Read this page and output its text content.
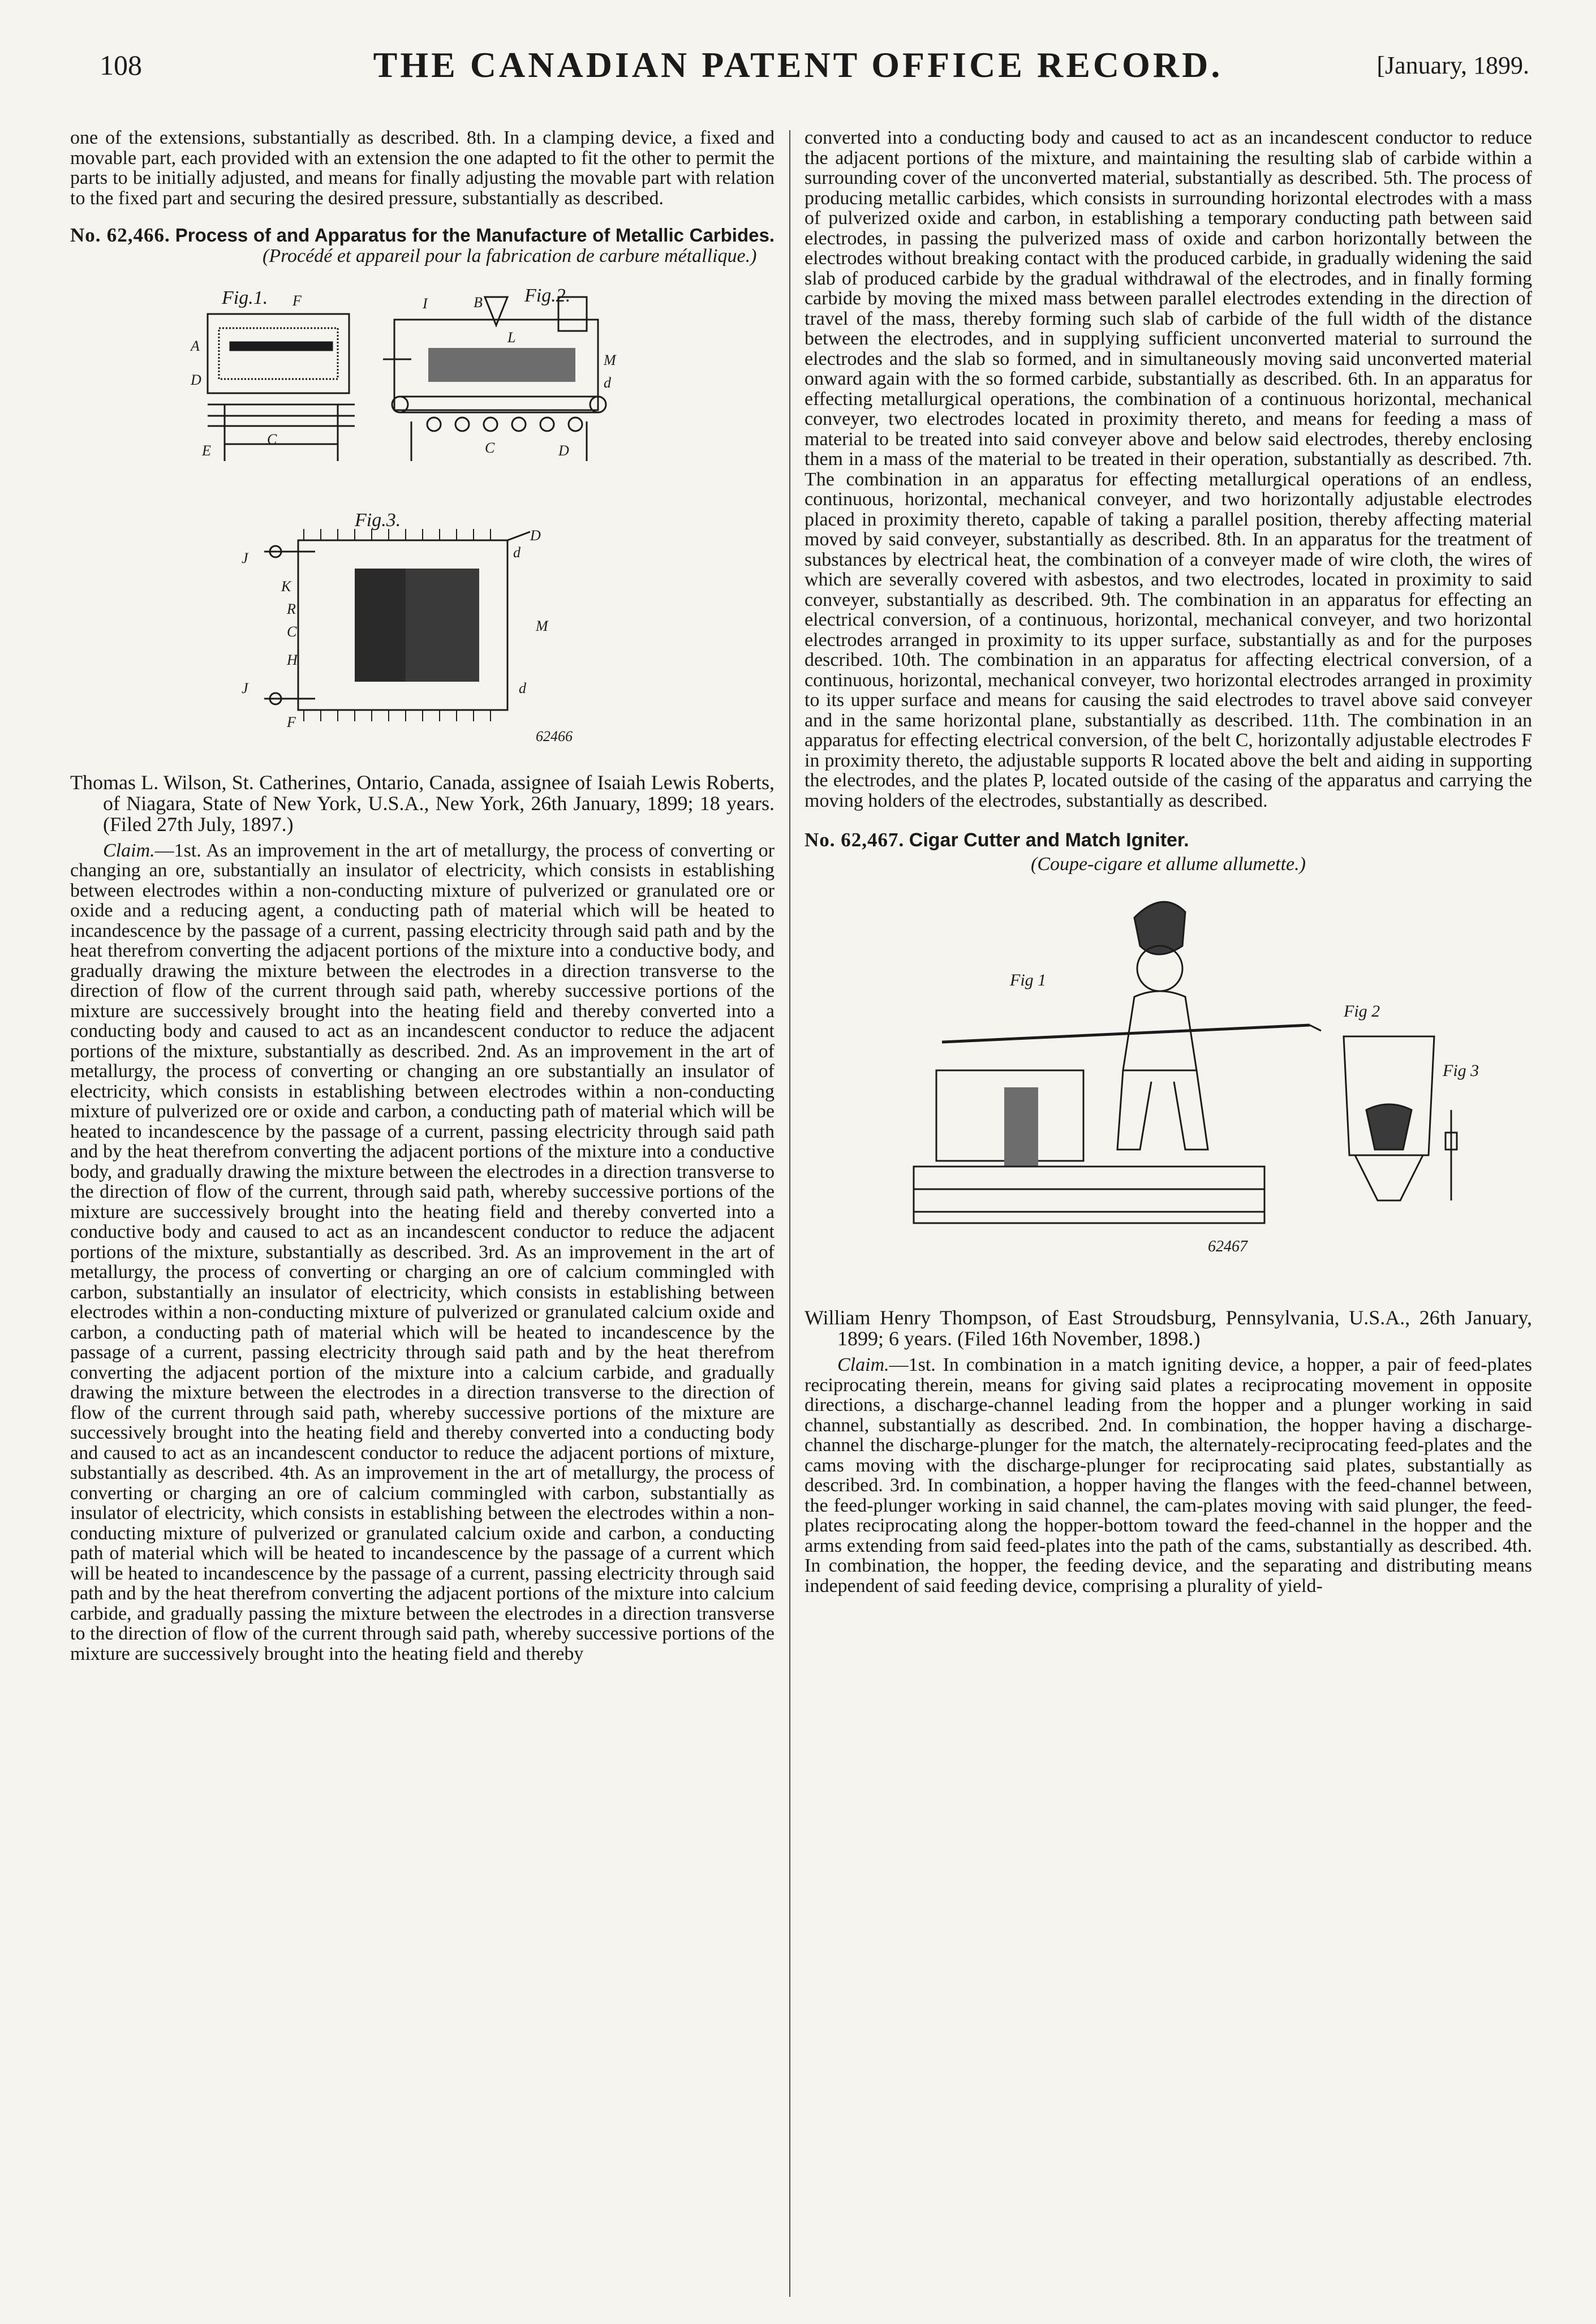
108	THE CANADIAN PATENT OFFICE RECORD.	[January, 1899.

one of the extensions, substantially as described. 8th. In a clamping device, a fixed and movable part, each provided with an extension the one adapted to fit the other to permit the parts to be initially adjusted, and means for finally adjusting the movable part with relation to the fixed part and securing the desired pressure, substantially as described.

No. 62,466. Process of and Apparatus for the Manufacture of Metallic Carbides. (Procédé et appareil pour la fabrication de carbure métallique.)

Fig.1.	Fig.2.
Fig.3.
F
A
D
E
C
B
I
L
M
d
C	D
D
d
M
d
J
J
K
R
C
H
F
62466

Thomas L. Wilson, St. Catherines, Ontario, Canada, assignee of Isaiah Lewis Roberts, of Niagara, State of New York, U.S.A., New York, 26th January, 1899; 18 years. (Filed 27th July, 1897.)

Claim.—1st. As an improvement in the art of metallurgy, the process of converting or changing an ore, substantially an insulator of electricity, which consists in establishing between electrodes within a non-conducting mixture of pulverized or granulated ore or oxide and a reducing agent, a conducting path of material which will be heated to incandescence by the passage of a current, passing electricity through said path and by the heat therefrom converting the adjacent portions of the mixture into a conductive body, and gradually drawing the mixture between the electrodes in a direction transverse to the direction of flow of the current through said path, whereby successive portions of the mixture are successively brought into the heating field and thereby converted into a conducting body and caused to act as an incandescent conductor to reduce the adjacent portions of the mixture, substantially as described. 2nd. As an improvement in the art of metallurgy, the process of converting or changing an ore substantially an insulator of electricity, which consists in establishing between electrodes within a non-conducting mixture of pulverized ore or oxide and carbon, a conducting path of material which will be heated to incandescence by the passage of a current, passing electricity through said path and by the heat therefrom converting the adjacent portions of the mixture into a conductive body, and gradually drawing the mixture between the electrodes in a direction transverse to the direction of flow of the current, through said path, whereby successive portions of the mixture are successively brought into the heating field and thereby converted into a conductive body and caused to act as an incandescent conductor to reduce the adjacent portions of the mixture, substantially as described. 3rd. As an improvement in the art of metallurgy, the process of converting or charging an ore of calcium commingled with carbon, substantially an insulator of electricity, which consists in establishing between electrodes within a non-conducting mixture of pulverized or granulated calcium oxide and carbon, a conducting path of material which will be heated to incandescence by the passage of a current, passing electricity through said path and by the heat therefrom converting the adjacent portion of the mixture into a calcium carbide, and gradually drawing the mixture between the electrodes in a direction transverse to the direction of flow of the current through said path, whereby successive portions of the mixture are successively brought into the heating field and thereby converted into a conducting body and caused to act as an incandescent conductor to reduce the adjacent portions of mixture, substantially as described. 4th. As an improvement in the art of metallurgy, the process of converting or charging an ore of calcium commingled with carbon, substantially as insulator of electricity, which consists in establishing between the electrodes within a non-conducting mixture of pulverized or granulated calcium oxide and carbon, a conducting path of material which will be heated to incandescence by the passage of a current which will be heated to incandescence by the passage of a current, passing electricity through said path and by the heat therefrom converting the adjacent portions of the mixture into calcium carbide, and gradually passing the mixture between the electrodes in a direction transverse to the direction of flow of the current through said path, whereby successive portions of the mixture are successively brought into the heating field and thereby

converted into a conducting body and caused to act as an incandescent conductor to reduce the adjacent portions of the mixture, and maintaining the resulting slab of carbide within a surrounding cover of the unconverted material, substantially as described. 5th. The process of producing metallic carbides, which consists in surrounding horizontal electrodes with a mass of pulverized oxide and carbon, in establishing a temporary conducting path between said electrodes, in passing the pulverized mass of oxide and carbon horizontally between the electrodes without breaking contact with the produced carbide, in gradually widening the said slab of produced carbide by the gradual withdrawal of the electrodes, and in finally forming carbide by moving the mixed mass between parallel electrodes extending in the direction of travel of the mass, thereby forming such slab of carbide of the full width of the distance between the electrodes, and in supplying sufficient unconverted material to surround the electrodes and the slab so formed, and in simultaneously moving said unconverted material onward again with the so formed carbide, substantially as described. 6th. In an apparatus for effecting metallurgical operations, the combination of a continuous horizontal, mechanical conveyer, two electrodes located in proximity thereto, and means for feeding a mass of material to be treated into said conveyer above and below said electrodes, thereby enclosing them in a mass of the material to be treated in their operation, substantially as described. 7th. The combination in an apparatus for effecting metallurgical operations of an endless, continuous, horizontal, mechanical conveyer, and two horizontally adjustable electrodes placed in proximity thereto, capable of taking a parallel position, thereby affecting material moved by said conveyer, substantially as described. 8th. In an apparatus for the treatment of substances by electrical heat, the combination of a conveyer made of wire cloth, the wires of which are severally covered with asbestos, and two electrodes, located in proximity to said conveyer, substantially as described. 9th. The combination in an apparatus for effecting an electrical conversion, of a continuous, horizontal, mechanical conveyer, and two horizontal electrodes arranged in proximity to its upper surface, substantially as and for the purposes described. 10th. The combination in an apparatus for affecting electrical conversion, of a continuous, horizontal, mechanical conveyer, two horizontal electrodes arranged in proximity to its upper surface and means for causing the said electrodes to travel above said conveyer and in the same horizontal plane, substantially as described. 11th. The combination in an apparatus for effecting electrical conversion, of the belt C, horizontally adjustable electrodes F in proximity thereto, the adjustable supports R located above the belt and aiding in supporting the electrodes, and the plates P, located outside of the casing of the apparatus and carrying the moving holders of the electrodes, substantially as described.

No. 62,467. Cigar Cutter and Match Igniter.

(Coupe-cigare et allume allumette.)

Fig 1
Fig 2
Fig 3
62467

William Henry Thompson, of East Stroudsburg, Pennsylvania, U.S.A., 26th January, 1899; 6 years. (Filed 16th November, 1898.)

Claim.—1st. In combination in a match igniting device, a hopper, a pair of feed-plates reciprocating therein, means for giving said plates a reciprocating movement in opposite directions, a discharge-channel leading from the hopper and a plunger working in said channel, substantially as described. 2nd. In combination, the hopper having a discharge-channel the discharge-plunger for the match, the alternately-reciprocating feed-plates and the cams moving with the discharge-plunger for reciprocating said plates, substantially as described. 3rd. In combination, a hopper having the flanges with the feed-channel between, the feed-plunger working in said channel, the cam-plates moving with said plunger, the feed-plates reciprocating along the hopper-bottom toward the feed-channel in the hopper and the arms extending from said feed-plates into the path of the cams, substantially as described. 4th. In combination, the hopper, the feeding device, and the separating and distributing means independent of said feeding device, comprising a plurality of yield-
